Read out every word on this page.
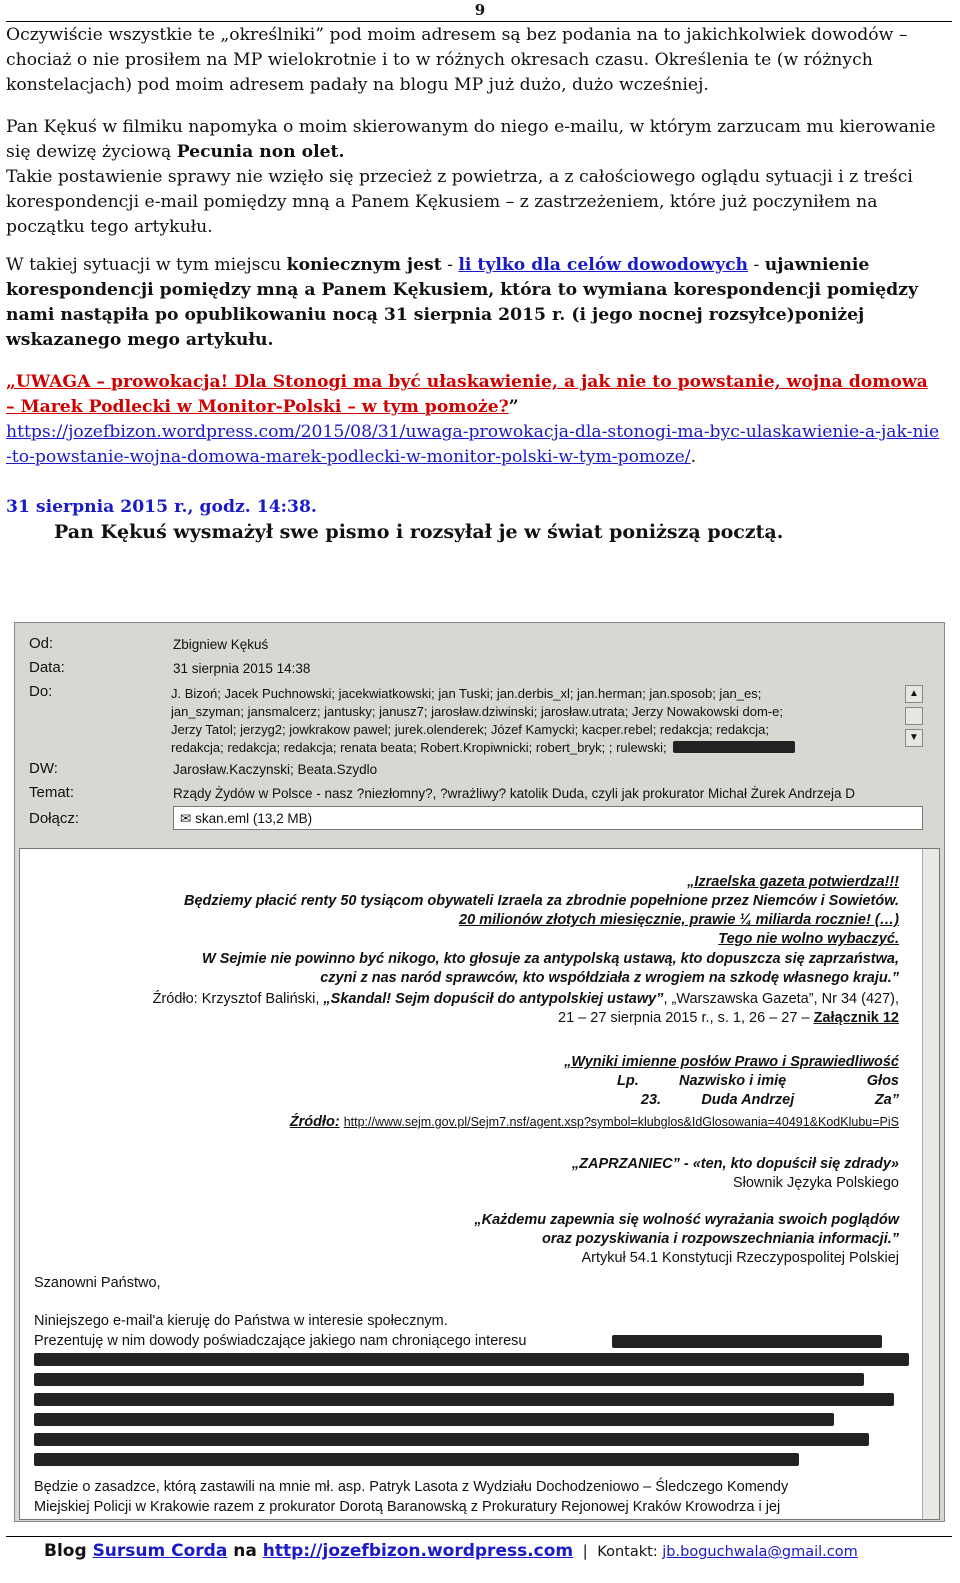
9

Oczywiście wszystkie te „określniki” pod moim adresem są bez podania na to jakichkolwiek dowodów – chociaż o nie prosiłem na MP wielokrotnie i to w różnych okresach czasu. Określenia te (w różnych konstelacjach) pod moim adresem padały na blogu MP już dużo, dużo wcześniej.

Pan Kękuś w filmiku napomyka o moim skierowanym do niego e-mailu, w którym zarzucam mu kierowanie się dewizę życiową Pecunia non olet.
Takie postawienie sprawy nie wzięło się przecież z powietrza, a z całościowego oglądu sytuacji i z treści korespondencji e-mail pomiędzy mną a Panem Kękusiem – z zastrzeżeniem, które już poczyniłem na początku tego artykułu.

W takiej sytuacji w tym miejscu koniecznym jest - li tylko dla celów dowodowych - ujawnienie korespondencji pomiędzy mną a Panem Kękusiem, która to wymiana korespondencji pomiędzy nami nastąpiła po opublikowaniu nocą 31 sierpnia 2015 r. (i jego nocnej rozsyłce)poniżej wskazanego mego artykułu.

„UWAGA – prowokacja! Dla Stonogi ma być ułaskawienie, a jak nie to powstanie, wojna domowa – Marek Podlecki w Monitor-Polski – w tym pomoże?”
https://jozefbizon.wordpress.com/2015/08/31/uwaga-prowokacja-dla-stonogi-ma-byc-ulaskawienie-a-jak-nie-to-powstanie-wojna-domowa-marek-podlecki-w-monitor-polski-w-tym-pomoze/.

31 sierpnia 2015 r., godz. 14:38.
Pan Kękuś wysmażył swe pismo i rozsyłał je w świat poniższą pocztą.
Od:	Zbigniew Kękuś
Data:	31 sierpnia 2015 14:38
Do:	J. Bizoń; Jacek Puchnowski; jacekwiatkowski; jan Tuski; jan.derbis_xl; jan.herman; jan.sposob; jan_es;
jan_szyman; jansmalcerz; jantusky; janusz7; jarosław.dziwinski; jarosław.utrata; Jerzy Nowakowski dom-e;
Jerzy Tatol; jerzyg2; jowkrakow pawel; jurek.olenderek; Józef Kamycki; kacper.rebel; redakcja; redakcja;
redakcja; redakcja; redakcja; renata beata; Robert.Kropiwnicki; robert_bryk; ; rulewski;
▲
▼
DW:	Jarosław.Kaczynski; Beata.Szydlo
Temat:	Rządy Żydów w Polsce - nasz ?niezłomny?, ?wrażliwy? katolik Duda, czyli jak prokurator Michał Żurek Andrzeja D
Dołącz:	✉ skan.eml (13,2 MB)
„Izraelska gazeta potwierdza!!!
Będziemy płacić renty 50 tysiącom obywateli Izraela za zbrodnie popełnione przez Niemców i Sowietów.
20 milionów złotych miesięcznie, prawie ¼ miliarda rocznie! (…)
Tego nie wolno wybaczyć.
W Sejmie nie powinno być nikogo, kto głosuje za antypolską ustawą, kto dopuszcza się zaprzaństwa,
czyni z nas naród sprawców, kto współdziała z wrogiem na szkodę własnego kraju.”
Źródło: Krzysztof Baliński, „Skandal! Sejm dopuścił do antypolskiej ustawy”, „Warszawska Gazeta”, Nr 34 (427),
21 – 27 sierpnia 2015 r., s. 1, 26 – 27 – Załącznik 12
„Wyniki imienne posłów Prawo i Sprawiedliwość
Lp.          Nazwisko i imię                    Głos
23.          Duda Andrzej                    Za”
Źródło: http://www.sejm.gov.pl/Sejm7.nsf/agent.xsp?symbol=klubglos&IdGlosowania=40491&KodKlubu=PiS
„ZAPRZANIEC” - «ten, kto dopuścił się zdrady»
Słownik Języka Polskiego
„Każdemu zapewnia się wolność wyrażania swoich poglądów
oraz pozyskiwania i rozpowszechniania informacji.”
Artykuł 54.1 Konstytucji Rzeczypospolitej Polskiej
Szanowni Państwo,
Niniejszego e-mail'a kieruję do Państwa w interesie społecznym.
Prezentuję w nim dowody poświadczające jakiego nam chroniącego interesu
Będzie o zasadzce, którą zastawili na mnie mł. asp. Patryk Lasota z Wydziału Dochodzeniowo – Śledczego Komendy
Miejskiej Policji w Krakowie razem z prokurator Dorotą Baranowską z Prokuratury Rejonowej Kraków Krowodrza i jej
Blog Sursum Corda na http://jozefbizon.wordpress.com  |  Kontakt: jb.boguchwala@gmail.com
